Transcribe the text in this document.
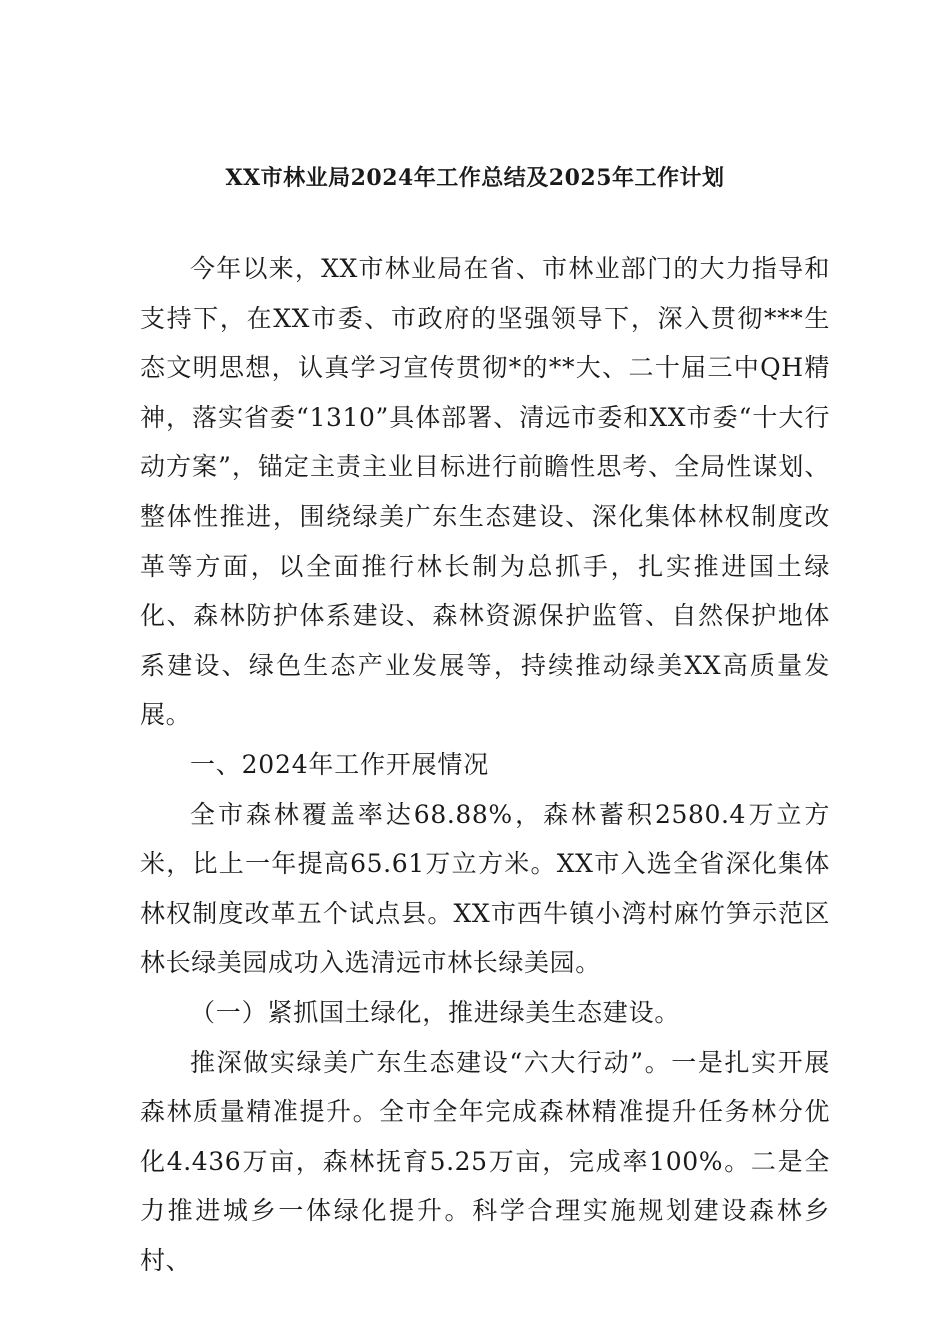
XX市林业局2024年工作总结及2025年工作计划

今年以来，XX市林业局在省、市林业部门的大力指导和支持下，在XX市委、市政府的坚强领导下，深入贯彻***生态文明思想，认真学习宣传贯彻*的**大、二十届三中QH精神，落实省委“1310”具体部署、清远市委和XX市委“十大行动方案”，锚定主责主业目标进行前瞻性思考、全局性谋划、整体性推进，围绕绿美广东生态建设、深化集体林权制度改革等方面，以全面推行林长制为总抓手，扎实推进国土绿化、森林防护体系建设、森林资源保护监管、自然保护地体系建设、绿色生态产业发展等，持续推动绿美XX高质量发展。

一、2024年工作开展情况

全市森林覆盖率达68.88%，森林蓄积2580.4万立方米，比上一年提高65.61万立方米。XX市入选全省深化集体林权制度改革五个试点县。XX市西牛镇小湾村麻竹笋示范区林长绿美园成功入选清远市林长绿美园。

（一）紧抓国土绿化，推进绿美生态建设。

推深做实绿美广东生态建设“六大行动”。一是扎实开展森林质量精准提升。全市全年完成森林精准提升任务林分优化4.436万亩，森林抚育5.25万亩，完成率100%。二是全力推进城乡一体绿化提升。科学合理实施规划建设森林乡村、
